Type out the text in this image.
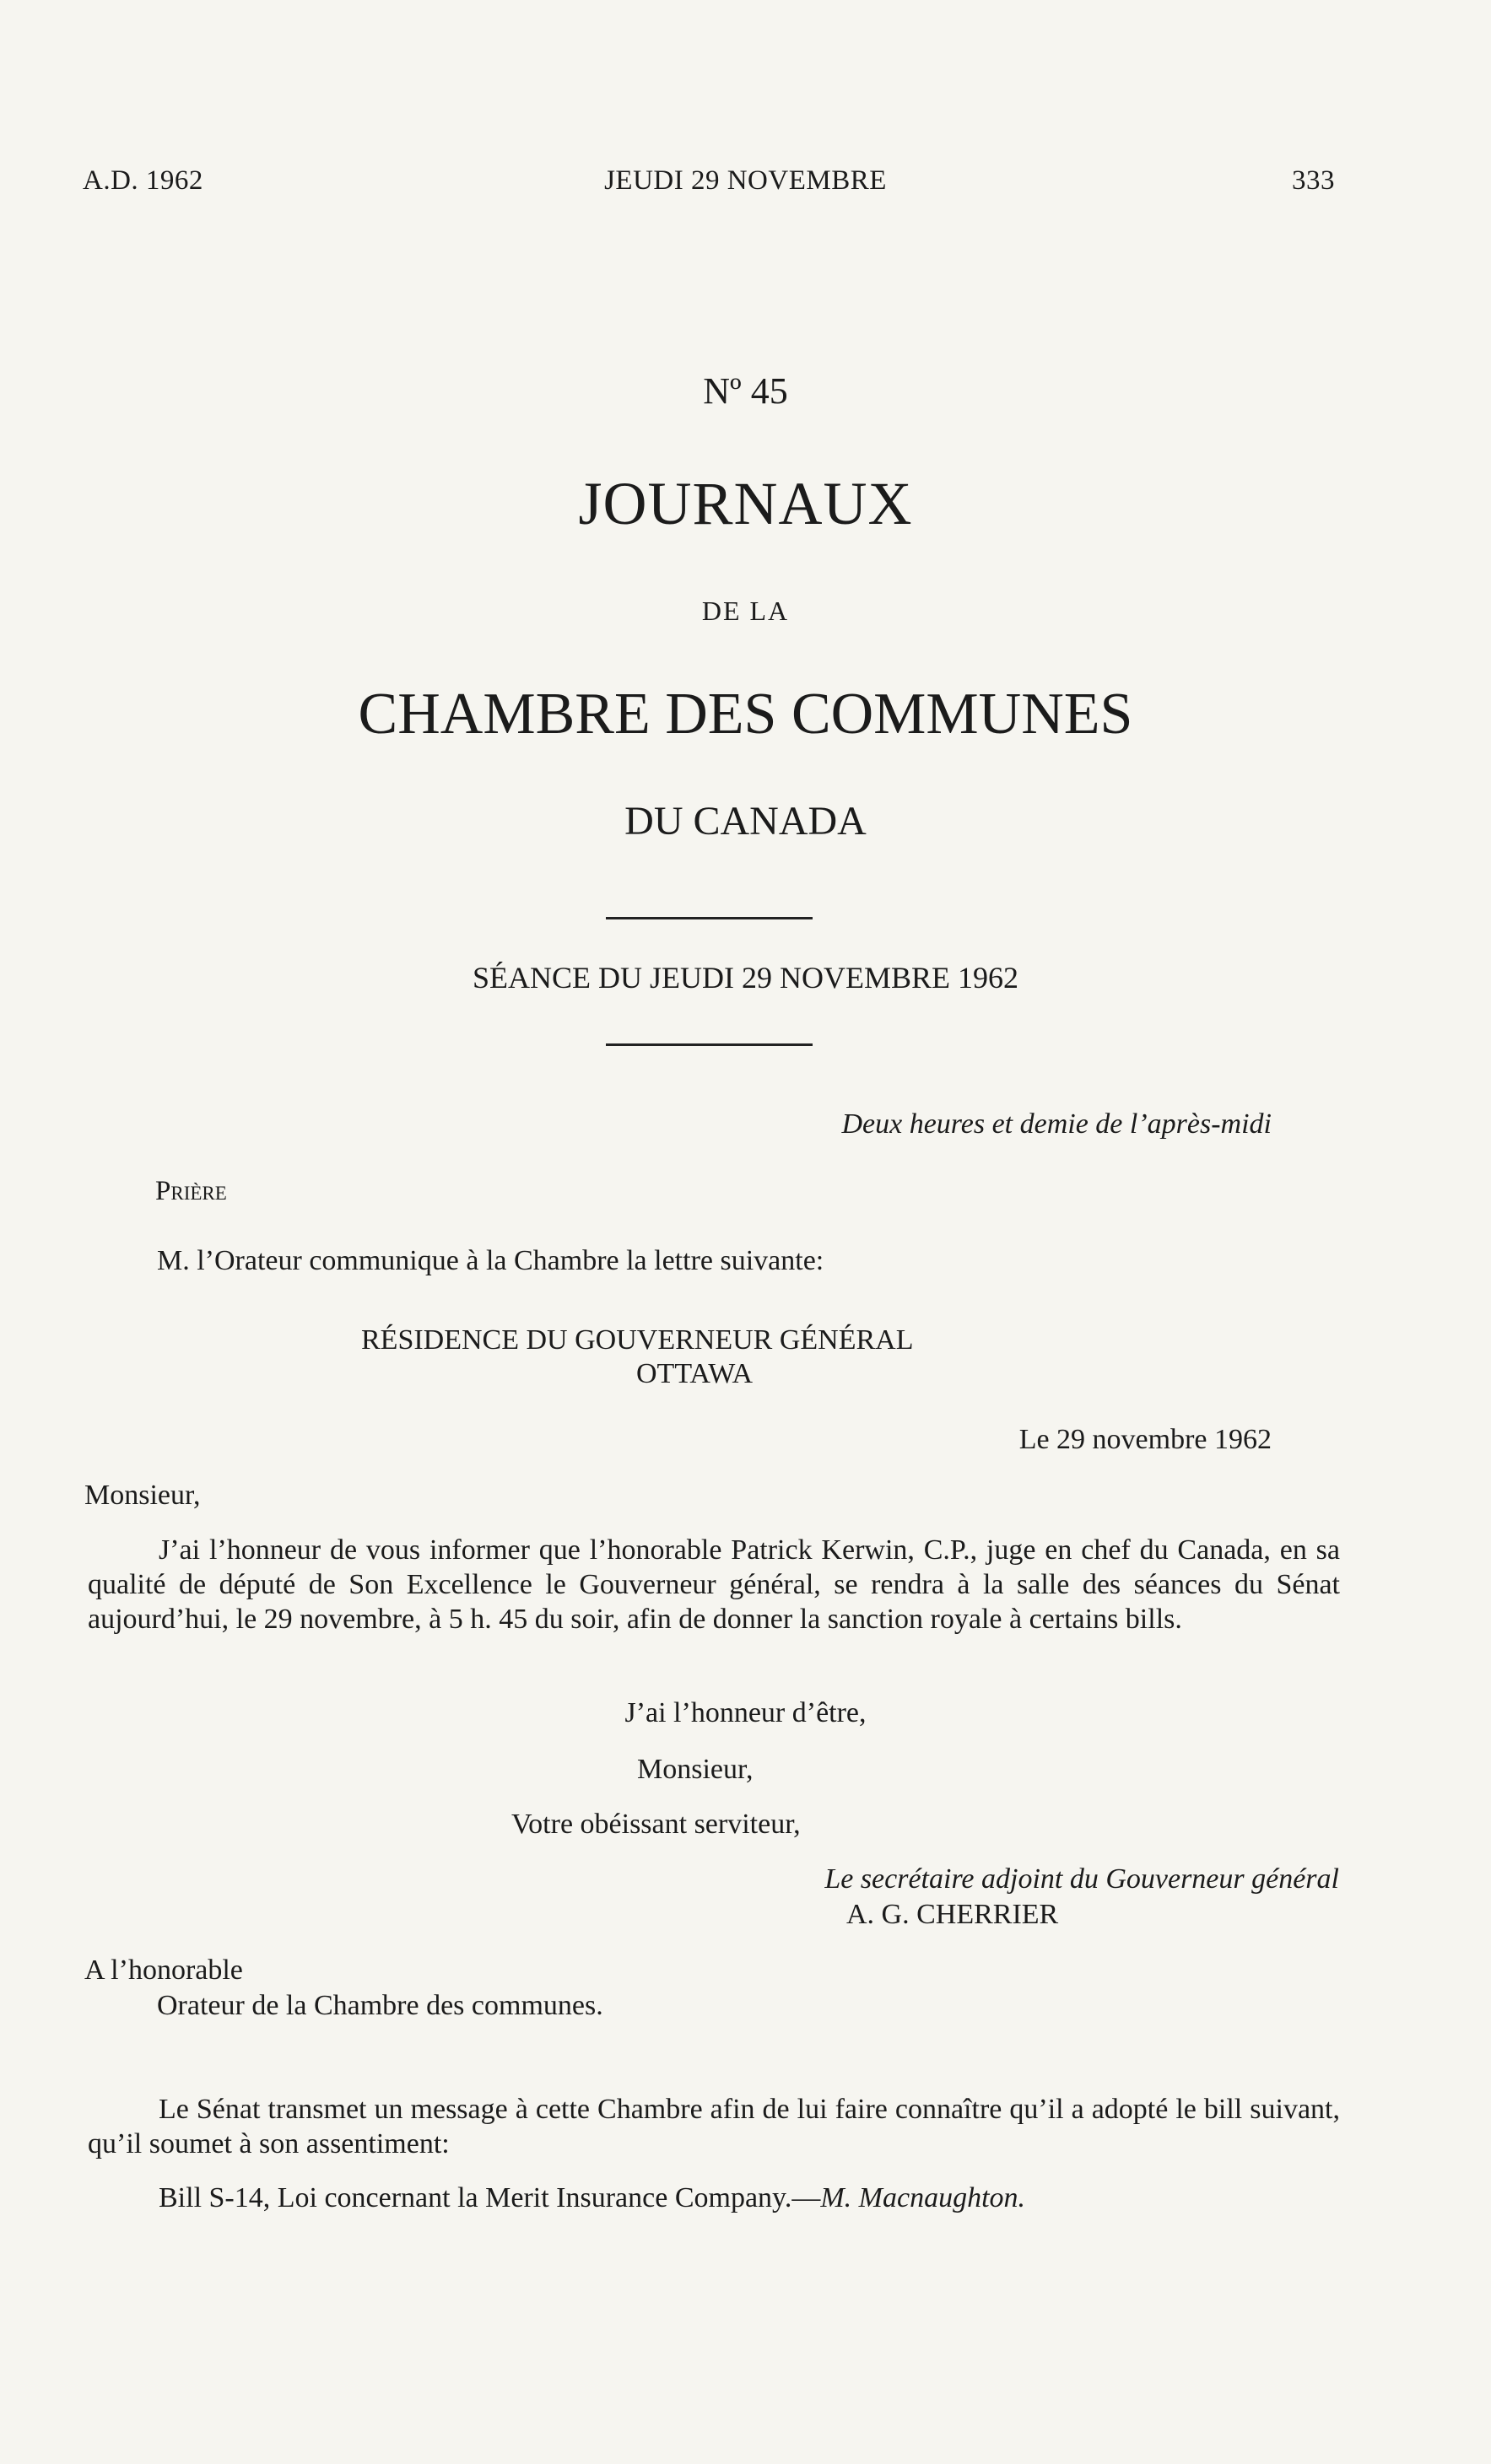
A.D. 1962	JEUDI 29 NOVEMBRE	333
Nº 45
JOURNAUX
DE LA
CHAMBRE DES COMMUNES
DU CANADA
SÉANCE DU JEUDI 29 NOVEMBRE 1962
Deux heures et demie de l’après-midi
Prière
M. l’Orateur communique à la Chambre la lettre suivante:
RÉSIDENCE DU GOUVERNEUR GÉNÉRAL
OTTAWA
Le 29 novembre 1962
Monsieur,
J’ai l’honneur de vous informer que l’honorable Patrick Kerwin, C.P., juge en chef du Canada, en sa qualité de député de Son Excellence le Gouverneur général, se rendra à la salle des séances du Sénat aujourd’hui, le 29 novembre, à 5 h. 45 du soir, afin de donner la sanction royale à certains bills.
J’ai l’honneur d’être,
Monsieur,
Votre obéissant serviteur,
Le secrétaire adjoint du Gouverneur général
A. G. CHERRIER
A l’honorable
Orateur de la Chambre des communes.
Le Sénat transmet un message à cette Chambre afin de lui faire connaître qu’il a adopté le bill suivant, qu’il soumet à son assentiment:
Bill S-14, Loi concernant la Merit Insurance Company.—M. Macnaughton.
